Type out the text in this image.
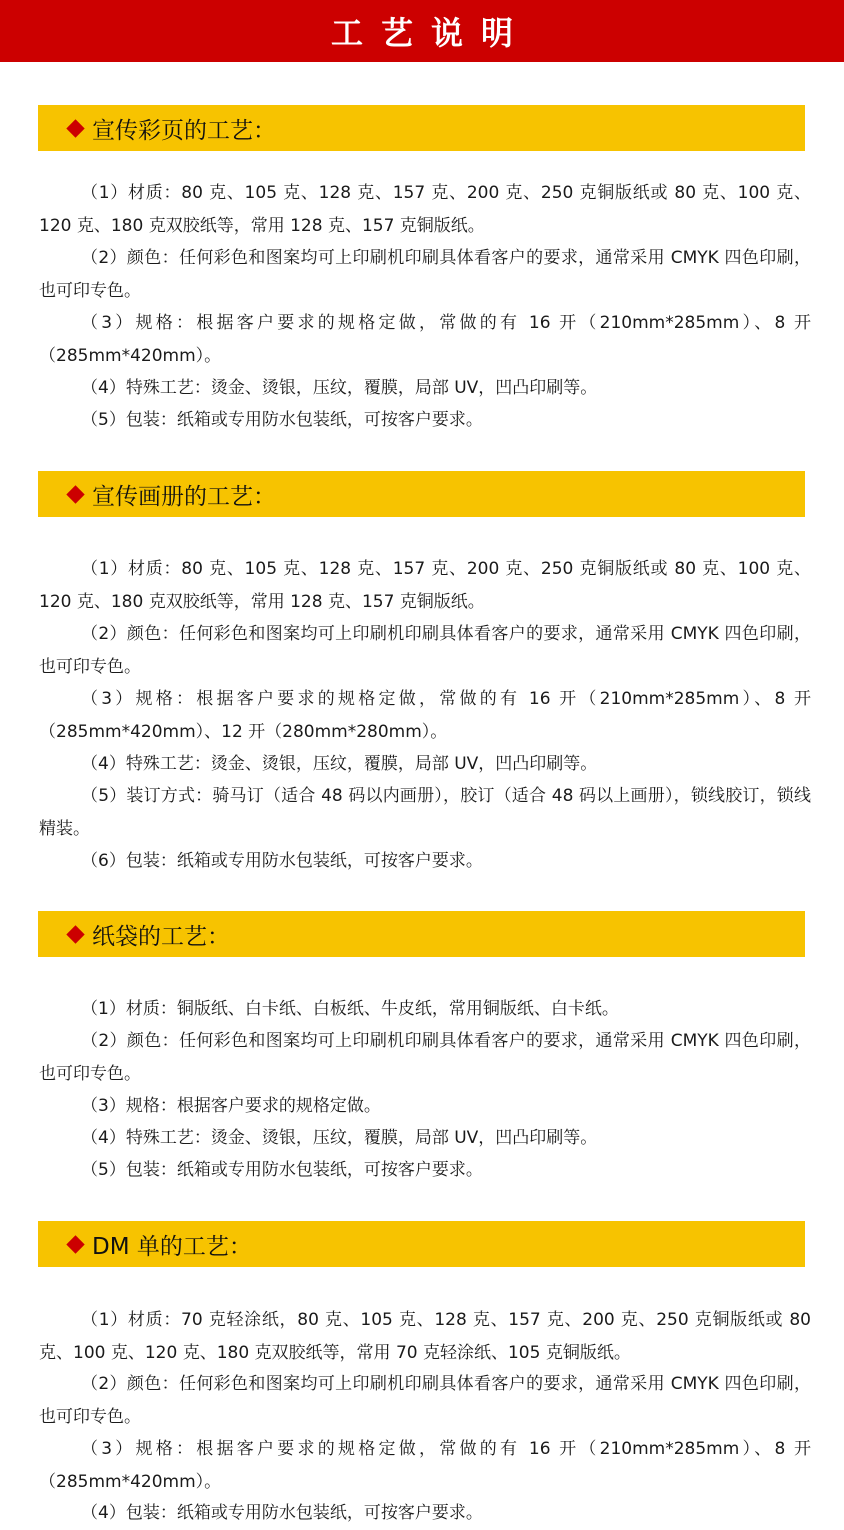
工艺说明
宣传彩页的工艺：

（1）材质：80 克、105 克、128 克、157 克、200 克、250 克铜版纸或 80 克、100 克、120 克、180 克双胶纸等，常用 128 克、157 克铜版纸。

（2）颜色：任何彩色和图案均可上印刷机印刷具体看客户的要求，通常采用 CMYK 四色印刷，也可印专色。

（3）规格：根据客户要求的规格定做，常做的有 16 开（210mm*285mm）、8 开（285mm*420mm）。

（4）特殊工艺：烫金、烫银，压纹，覆膜，局部 UV，凹凸印刷等。

（5）包装：纸箱或专用防水包装纸，可按客户要求。

宣传画册的工艺：

（1）材质：80 克、105 克、128 克、157 克、200 克、250 克铜版纸或 80 克、100 克、120 克、180 克双胶纸等，常用 128 克、157 克铜版纸。

（2）颜色：任何彩色和图案均可上印刷机印刷具体看客户的要求，通常采用 CMYK 四色印刷，也可印专色。

（3）规格：根据客户要求的规格定做，常做的有 16 开（210mm*285mm）、8 开（285mm*420mm）、12 开（280mm*280mm）。

（4）特殊工艺：烫金、烫银，压纹，覆膜，局部 UV，凹凸印刷等。

（5）装订方式：骑马订（适合 48 码以内画册），胶订（适合 48 码以上画册），锁线胶订，锁线精装。

（6）包装：纸箱或专用防水包装纸，可按客户要求。

纸袋的工艺：

（1）材质：铜版纸、白卡纸、白板纸、牛皮纸，常用铜版纸、白卡纸。

（2）颜色：任何彩色和图案均可上印刷机印刷具体看客户的要求，通常采用 CMYK 四色印刷，也可印专色。

（3）规格：根据客户要求的规格定做。

（4）特殊工艺：烫金、烫银，压纹，覆膜，局部 UV，凹凸印刷等。

（5）包装：纸箱或专用防水包装纸，可按客户要求。

DM 单的工艺：

（1）材质：70 克轻涂纸，80 克、105 克、128 克、157 克、200 克、250 克铜版纸或 80 克、100 克、120 克、180 克双胶纸等，常用 70 克轻涂纸、105 克铜版纸。

（2）颜色：任何彩色和图案均可上印刷机印刷具体看客户的要求，通常采用 CMYK 四色印刷，也可印专色。

（3）规格：根据客户要求的规格定做，常做的有 16 开（210mm*285mm）、8 开（285mm*420mm）。

（4）包装：纸箱或专用防水包装纸，可按客户要求。
